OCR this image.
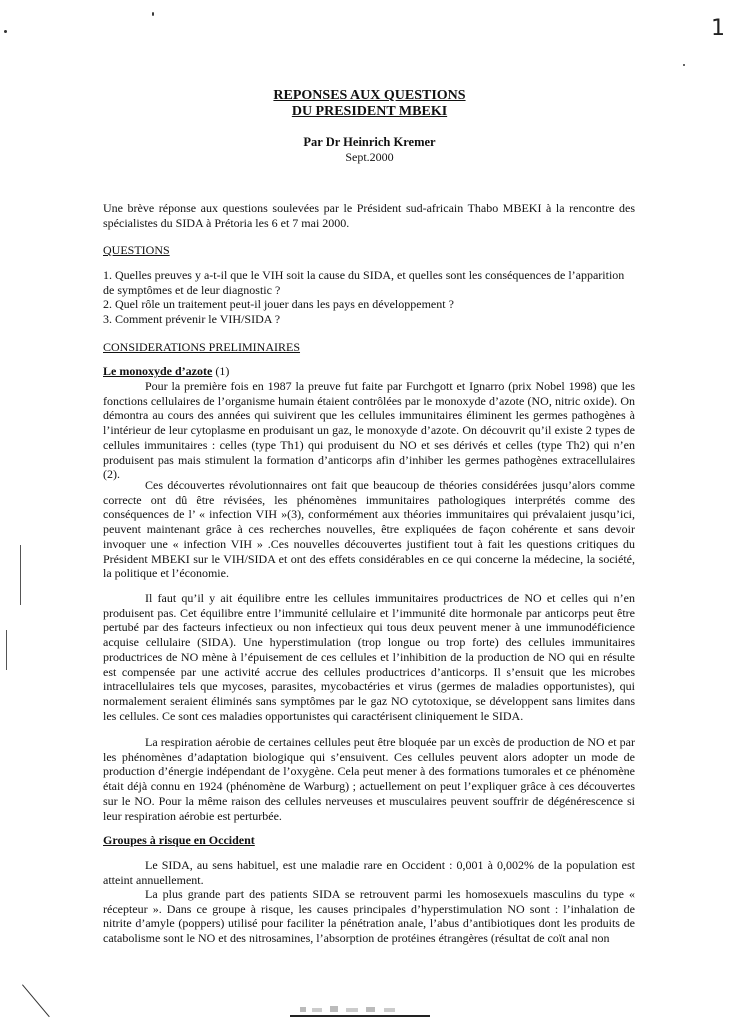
1
REPONSES AUX QUESTIONS
DU PRESIDENT MBEKI
Par Dr Heinrich Kremer
Sept.2000

Une brève réponse aux questions soulevées par le Président sud-africain Thabo MBEKI à la rencontre des spécialistes du SIDA à Prétoria les 6 et 7 mai 2000.

QUESTIONS

1. Quelles preuves y a-t-il que le VIH soit la cause du SIDA, et quelles sont les conséquences de l’apparition de symptômes et de leur diagnostic ?

2. Quel rôle un traitement peut-il jouer dans les pays en développement ?

3. Comment prévenir le VIH/SIDA ?

CONSIDERATIONS PRELIMINAIRES
Le monoxyde d’azote (1)
Pour la première fois en 1987 la preuve fut faite par Furchgott et Ignarro (prix Nobel 1998) que les fonctions cellulaires de l’organisme humain étaient contrôlées par le monoxyde d’azote (NO, nitric oxide). On démontra au cours des années qui suivirent que les cellules immunitaires éliminent les germes pathogènes à l’intérieur de leur cytoplasme en produisant un gaz, le monoxyde d’azote. On découvrit qu’il existe 2 types de cellules immunitaires : celles (type Th1) qui produisent du NO et ses dérivés et celles (type Th2) qui n’en produisent pas mais stimulent la formation d’anticorps afin d’inhiber les germes pathogènes extracellulaires (2).
Ces découvertes révolutionnaires ont fait que beaucoup de théories considérées jusqu’alors comme correcte ont dû être révisées, les phénomènes immunitaires pathologiques interprétés comme des conséquences de l’ « infection VIH »(3), conformément aux théories immunitaires qui prévalaient jusqu’ici, peuvent maintenant grâce à ces recherches nouvelles, être expliquées de façon cohérente et sans devoir invoquer une « infection VIH » .Ces nouvelles découvertes justifient tout à fait les questions critiques du Président MBEKI sur le VIH/SIDA et ont des effets considérables en ce qui concerne la médecine, la société, la politique et l’économie.
Il faut qu’il y ait équilibre entre les cellules immunitaires productrices de NO et celles qui n’en produisent pas. Cet équilibre entre l’immunité cellulaire et l’immunité dite hormonale par anticorps peut être pertubé par des facteurs infectieux ou non infectieux qui tous deux peuvent mener à une immunodéficience acquise cellulaire (SIDA). Une hyperstimulation (trop longue ou trop forte) des cellules immunitaires productrices de NO mène à l’épuisement de ces cellules et l’inhibition de la production de NO qui en résulte est compensée par une activité accrue des cellules productrices d’anticorps. Il s’ensuit que les microbes intracellulaires tels que mycoses, parasites, mycobactéries et virus (germes de maladies opportunistes), qui normalement seraient éliminés sans symptômes par le gaz NO cytotoxique, se développent sans limites dans les cellules. Ce sont ces maladies opportunistes qui caractérisent cliniquement le SIDA.
La respiration aérobie de certaines cellules peut être bloquée par un excès de production de NO et par les phénomènes d’adaptation biologique qui s’ensuivent. Ces cellules peuvent alors adopter un mode de production d’énergie indépendant de l’oxygène. Cela peut mener à des formations tumorales et ce phénomène était déjà connu en 1924 (phénomène de Warburg) ; actuellement on peut l’expliquer grâce à ces découvertes sur le NO. Pour la même raison des cellules nerveuses et musculaires peuvent souffrir de dégénérescence si leur respiration aérobie est perturbée.
Groupes à risque en Occident
Le SIDA, au sens habituel, est une maladie rare en Occident : 0,001 à 0,002% de la population est atteint annuellement.
La plus grande part des patients SIDA se retrouvent parmi les homosexuels masculins du type « récepteur ». Dans ce groupe à risque, les causes principales d’hyperstimulation NO sont : l’inhalation de nitrite d’amyle (poppers) utilisé pour faciliter la pénétration anale, l’abus d’antibiotiques dont les produits de catabolisme sont le NO et des nitrosamines, l’absorption de protéines étrangères (résultat de coït anal non
